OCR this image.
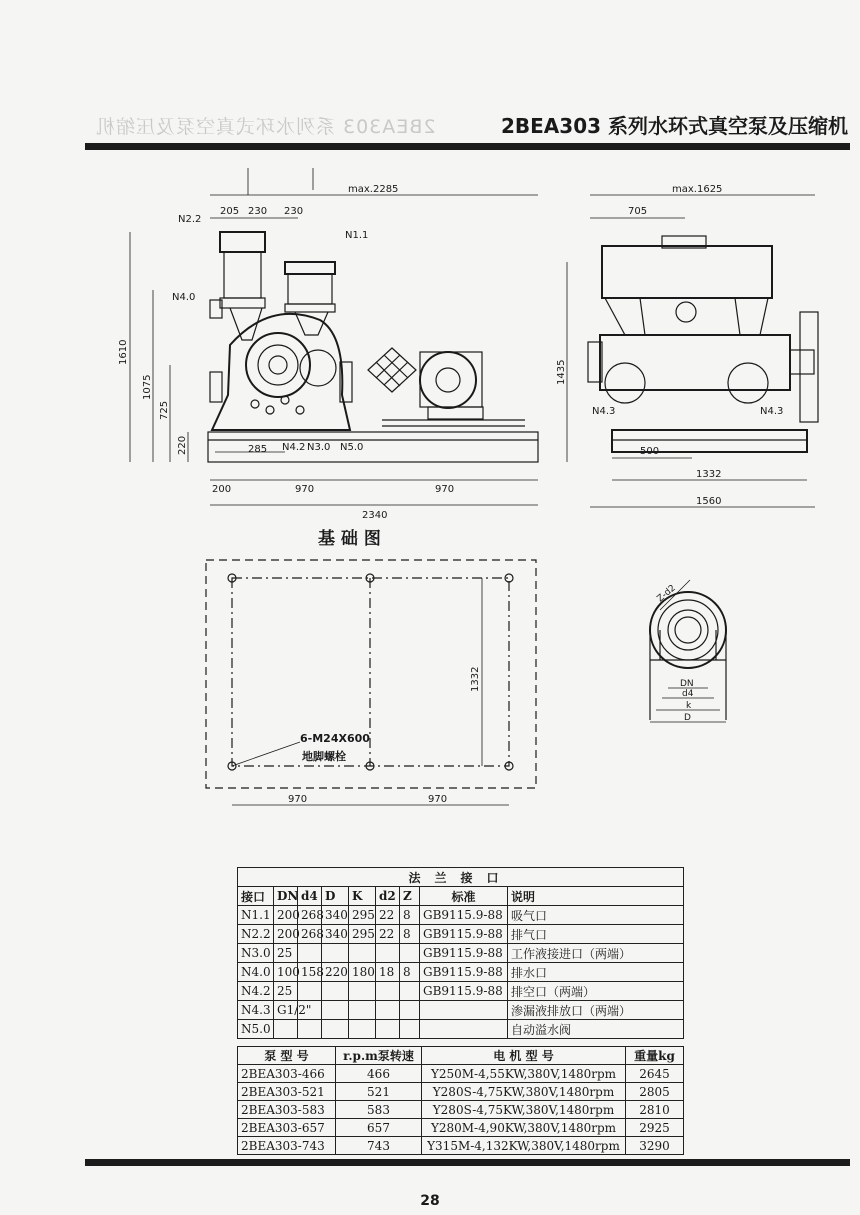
2BEA303 系列水环式真空泵及压缩机	2BEA303 系列水环式真空泵及压缩机
max.2285
205 230 230
N2.2
N1.1
N4.0
285 N4.2 N3.0 N5.0
200	970	970
2340
1610
1075
725
220
1435
max.1625
705
N4.3	N4.3
500
1332
1560
基 础 图
1332
6-M24X600
地脚螺栓
970	970
Z-d2
DN
d4
k
D
法兰接口								
接口	DN	d4	D	K	d2	Z	标准	说明
N1.1	200	268	340	295	22	8	GB9115.9-88	吸气口
N2.2	200	268	340	295	22	8	GB9115.9-88	排气口
N3.0	25						GB9115.9-88	工作液接进口（两端）
N4.0	100	158	220	180	18	8	GB9115.9-88	排水口
N4.2	25						GB9115.9-88	排空口（两端）
N4.3	G1/2"							渗漏液排放口（两端）
N5.0								自动溢水阀
泵 型 号	r.p.m泵转速	电 机 型 号	重量kg
2BEA303-466	466	Y250M-4,55KW,380V,1480rpm	2645
2BEA303-521	521	Y280S-4,75KW,380V,1480rpm	2805
2BEA303-583	583	Y280S-4,75KW,380V,1480rpm	2810
2BEA303-657	657	Y280M-4,90KW,380V,1480rpm	2925
2BEA303-743	743	Y315M-4,132KW,380V,1480rpm	3290
28
